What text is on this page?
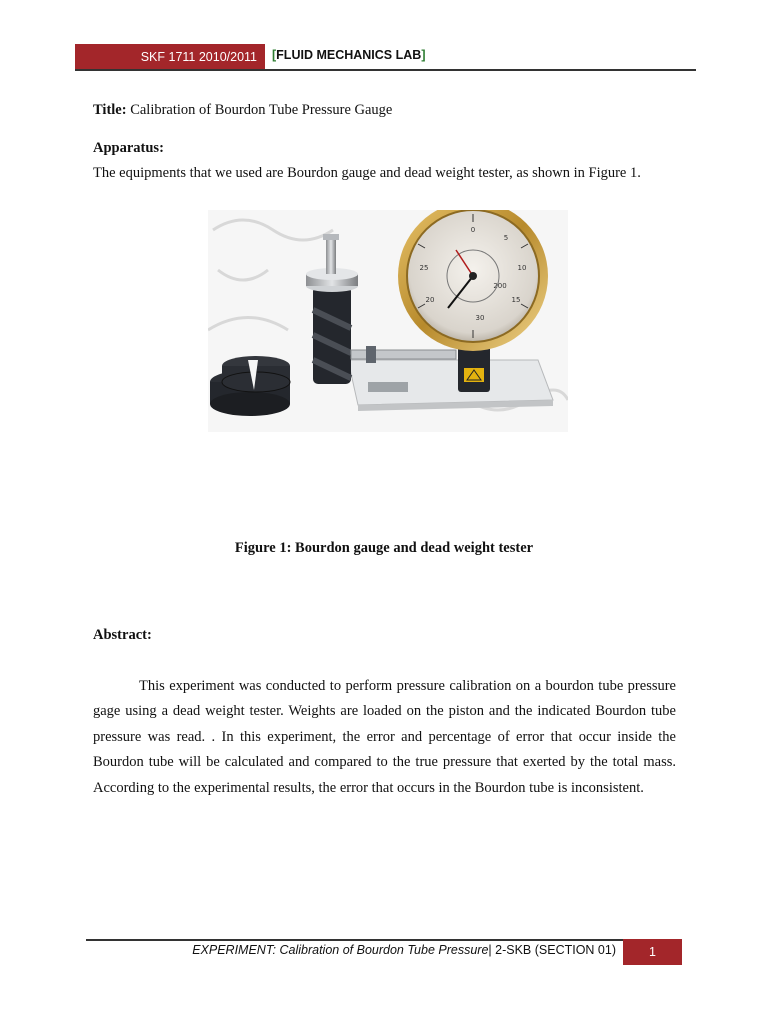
SKF 1711 2010/2011	[FLUID MECHANICS LAB]
Title: Calibration of Bourdon Tube Pressure Gauge
Apparatus:
The equipments that we used are Bourdon gauge and dead weight tester, as shown in Figure 1.
0
5
10
15
20
25
30
200
Figure 1: Bourdon gauge and dead weight tester
Abstract:
This experiment was conducted to perform pressure calibration on a bourdon tube pressure gage using a dead weight tester. Weights are loaded on the piston and the indicated Bourdon tube pressure was read. . In this experiment, the error and percentage of error that occur inside the Bourdon tube will be calculated and compared to the true pressure that exerted by the total mass. According to the experimental results, the error that occurs in the Bourdon tube is inconsistent.
EXPERIMENT: Calibration of Bourdon Tube Pressure| 2-SKB (SECTION 01)	1
